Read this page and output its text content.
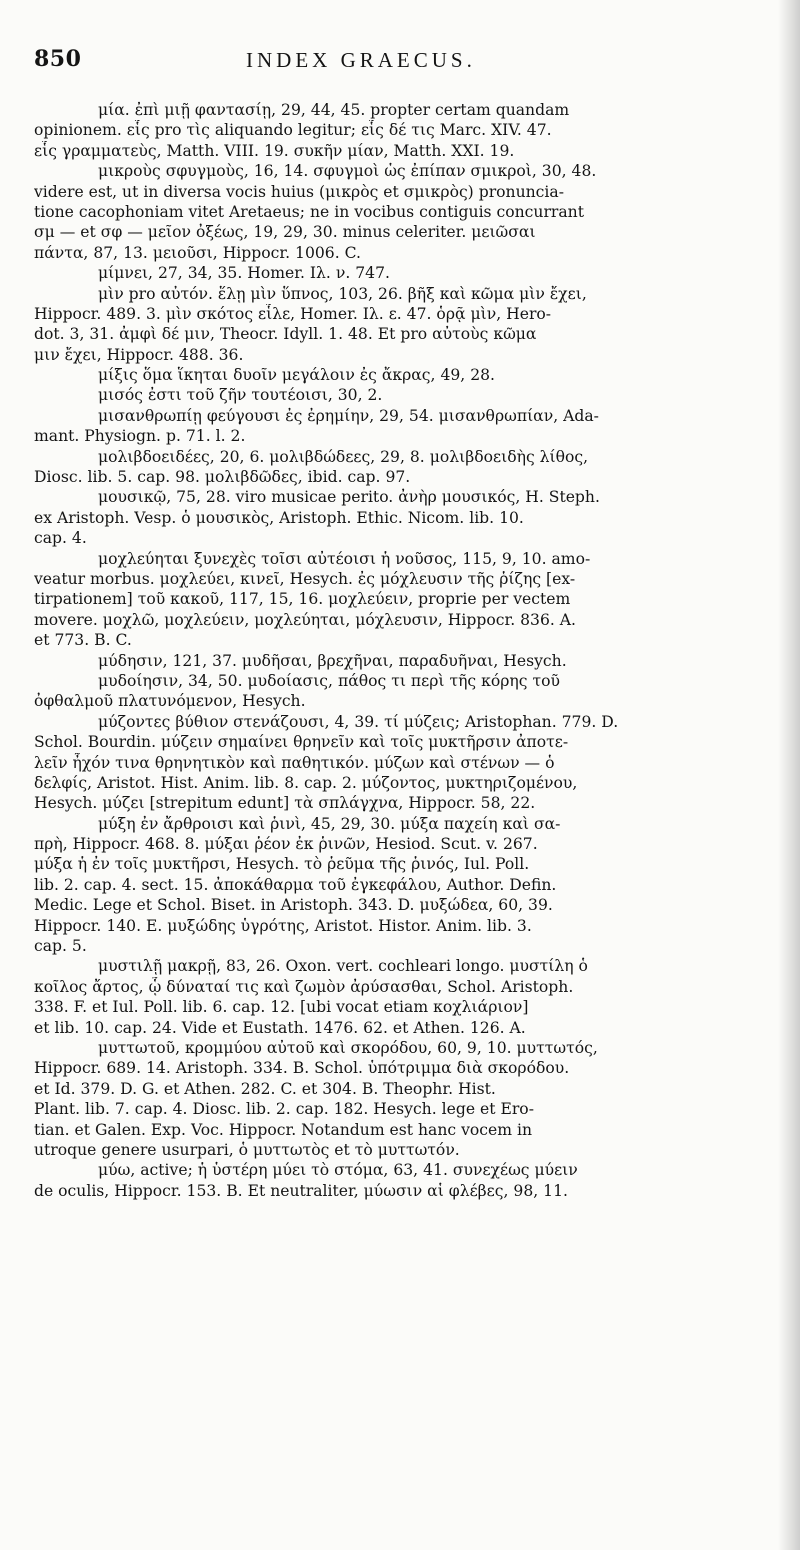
850	INDEX GRAECUS.
μία. ἐπὶ μιῇ φαντασίῃ, 29, 44, 45. propter certam quandam
opinionem. εἷς pro τὶς aliquando legitur; εἷς δέ τις Marc. XIV. 47.
εἷς γραμματεὺς, Matth. VIII. 19. συκῆν μίαν, Matth. XXI. 19.
μικροὺς σφυγμοὺς, 16, 14. σφυγμοὶ ὡς ἐπίπαν σμικροὶ, 30, 48.
videre est, ut in diversa vocis huius (μικρὸς et σμικρὸς) pronuncia-
tione cacophoniam vitet Aretaeus; ne in vocibus contiguis concurrant
σμ — et σφ — μεῖον ὀξέως, 19, 29, 30. minus celeriter. μειῶσαι
πάντα, 87, 13. μειοῦσι, Hippocr. 1006. C.
μίμνει, 27, 34, 35. Homer. Ιλ. ν. 747.
μὶν pro αὐτόν. ἕλῃ μὶν ὕπνος, 103, 26. βῆξ καὶ κῶμα μὶν ἔχει,
Hippocr. 489. 3. μὶν σκότος εἷλε, Homer. Ιλ. ε. 47. ὁρᾷ μὶν, Hero-
dot. 3, 31. ἀμφὶ δέ μιν, Theocr. Idyll. 1. 48. Et pro αὐτοὺς κῶμα
μιν ἔχει, Hippocr. 488. 36.
μίξις ὅμα ἵκηται δυοῖν μεγάλοιν ἐς ἄκρας, 49, 28.
μισός ἐστι τοῦ ζῆν τουτέοισι, 30, 2.
μισανθρωπίῃ φεύγουσι ἐς ἐρημίην, 29, 54. μισανθρωπίαν, Ada-
mant. Physiogn. p. 71. l. 2.
μολιβδοειδέες, 20, 6. μολιβδώδεες, 29, 8. μολιβδοειδὴς λίθος,
Diosc. lib. 5. cap. 98. μολιβδῶδες, ibid. cap. 97.
μουσικῷ, 75, 28. viro musicae perito. ἀνὴρ μουσικός, H. Steph.
ex Aristoph. Vesp. ὁ μουσικὸς, Aristoph. Ethic. Nicom. lib. 10.
cap. 4.
μοχλεύηται ξυνεχὲς τοῖσι αὐτέοισι ἡ νοῦσος, 115, 9, 10. amo-
veatur morbus. μοχλεύει, κινεῖ, Hesych. ἐς μόχλευσιν τῆς ῥίζης [ex-
tirpationem] τοῦ κακοῦ, 117, 15, 16. μοχλεύειν, proprie per vectem
movere. μοχλῶ, μοχλεύειν, μοχλεύηται, μόχλευσιν, Hippocr. 836. A.
et 773. B. C.
μύδησιν, 121, 37. μυδῆσαι, βρεχῆναι, παραδυῆναι, Hesych.
μυδοίησιν, 34, 50. μυδοίασις, πάθος τι περὶ τῆς κόρης τοῦ
ὀφθαλμοῦ πλατυνόμενον, Hesych.
μύζοντες βύθιον στενάζουσι, 4, 39. τί μύζεις; Aristophan. 779. D.
Schol. Bourdin. μύζειν σημαίνει θρηνεῖν καὶ τοῖς μυκτῆρσιν ἀποτε-
λεῖν ἦχόν τινα θρηνητικὸν καὶ παθητικόν. μύζων καὶ στένων — ὁ
δελφίς, Aristot. Hist. Anim. lib. 8. cap. 2. μύζοντος, μυκτηριζομένου,
Hesych. μύζει [strepitum edunt] τὰ σπλάγχνα, Hippocr. 58, 22.
μύξη ἐν ἄρθροισι καὶ ῥινὶ, 45, 29, 30. μύξα παχείη καὶ σα-
πρὴ, Hippocr. 468. 8. μύξαι ῥέον ἐκ ῥινῶν, Hesiod. Scut. v. 267.
μύξα ἡ ἐν τοῖς μυκτῆρσι, Hesych. τὸ ῥεῦμα τῆς ῥινός, Iul. Poll.
lib. 2. cap. 4. sect. 15. ἀποκάθαρμα τοῦ ἐγκεφάλου, Author. Defin.
Medic. Lege et Schol. Biset. in Aristoph. 343. D. μυξώδεα, 60, 39.
Hippocr. 140. E. μυξώδης ὑγρότης, Aristot. Histor. Anim. lib. 3.
cap. 5.
μυστιλῇ μακρῇ, 83, 26. Oxon. vert. cochleari longo. μυστίλη ὁ
κοῖλος ἄρτος, ᾧ δύναταί τις καὶ ζωμὸν ἀρύσασθαι, Schol. Aristoph.
338. F. et Iul. Poll. lib. 6. cap. 12. [ubi vocat etiam κοχλιάριον]
et lib. 10. cap. 24. Vide et Eustath. 1476. 62. et Athen. 126. A.
μυττωτοῦ, κρομμύου αὐτοῦ καὶ σκορόδου, 60, 9, 10. μυττωτός,
Hippocr. 689. 14. Aristoph. 334. B. Schol. ὑπότριμμα διὰ σκορόδου.
et Id. 379. D. G. et Athen. 282. C. et 304. B. Theophr. Hist.
Plant. lib. 7. cap. 4. Diosc. lib. 2. cap. 182. Hesych. lege et Ero-
tian. et Galen. Exp. Voc. Hippocr. Notandum est hanc vocem in
utroque genere usurpari, ὁ μυττωτὸς et τὸ μυττωτόν.
μύω, active; ἡ ὑστέρη μύει τὸ στόμα, 63, 41. συνεχέως μύειν
de oculis, Hippocr. 153. B. Et neutraliter, μύωσιν αἱ φλέβες, 98, 11.
